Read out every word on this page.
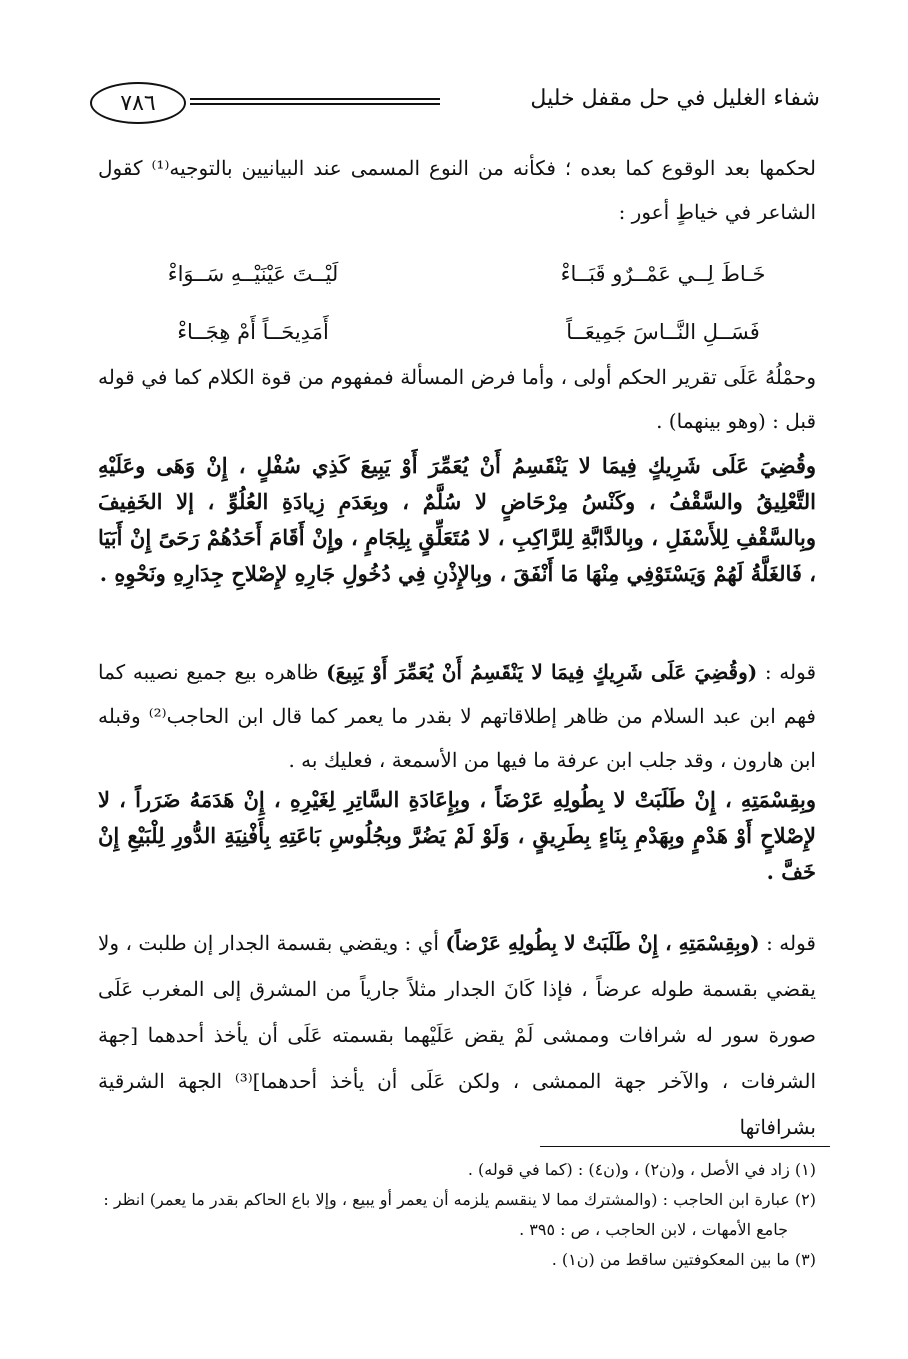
٧٨٦	شفاء الغليل في حل مقفل خليل

لحكمها بعد الوقوع كما بعده ؛ فكأنه من النوع المسمى عند البيانيين بالتوجيه⁽¹⁾ كقول الشاعر في خياطٍ أعور :

خَـاطَ لِــي عَمْــرٌو قَبَــاءْ
لَيْــتَ عَيْنَيْــهِ سَــوَاءْ
فَسَــلِ النَّــاسَ جَمِيعَــاً
أَمَدِيحَــاً أَمْ هِجَــاءْ

وحمْلُهُ عَلَى تقرير الحكم أولى ، وأما فرض المسألة فمفهوم من قوة الكلام كما في قوله قبل : (وهو بينهما) .

وقُضِيَ عَلَى شَرِيكٍ فِيمَا لا يَنْقَسِمُ أَنْ يُعَمِّرَ أَوْ يَبِيعَ كَذِي سُفْلٍ ، إِنْ وَهَى وعَلَيْهِ التَّعْلِيقُ والسَّقْفُ ، وكَنْسُ مِرْحَاضٍ لا سُلَّمٌ ، وبِعَدَمِ زِيادَةِ العُلُوِّ ، إلا الخَفِيفَ وبِالسَّقْفِ لِلأَسْفَلِ ، وبِالدَّابَّةِ لِلرَّاكِبِ ، لا مُتَعَلِّقٍ بِلِجَامٍ ، وإِنْ أَقَامَ أَحَدُهُمْ رَحَىً إِنْ أَبَيَا ، فَالغَلَّةُ لَهُمْ وَيَسْتَوْفِي مِنْهَا مَا أَنْفَقَ ، وبِالإِذْنِ فِي دُخُولِ جَارِهِ لإِصْلاحِ جِدَارِهِ ونَحْوِهِ .

قوله : (وقُضِيَ عَلَى شَرِيكٍ فِيمَا لا يَنْقَسِمُ أَنْ يُعَمِّرَ أَوْ يَبِيعَ) ظاهره بيع جميع نصيبه كما فهم ابن عبد السلام من ظاهر إطلاقاتهم لا بقدر ما يعمر كما قال ابن الحاجب⁽²⁾ وقبله ابن هارون ، وقد جلب ابن عرفة ما فيها من الأسمعة ، فعليك به .

وبِقِسْمَتِهِ ، إِنْ طَلَبَتْ لا بِطُولِهِ عَرْضَاً ، وبِإِعَادَةِ السَّاتِرِ لِغَيْرِهِ ، إِنْ هَدَمَهُ ضَرَراً ، لا لإِصْلاحٍ أَوْ هَدْمٍ وبِهَدْمِ بِنَاءٍ بِطَرِيقٍ ، وَلَوْ لَمْ يَضُرَّ وبِجُلُوسِ بَاعَتِهِ بِأَفْنِيَةِ الدُّورِ لِلْبَيْعِ إِنْ خَفَّ .

قوله : (وبِقِسْمَتِهِ ، إِنْ طَلَبَتْ لا بِطُولِهِ عَرْضاً) أي : ويقضي بقسمة الجدار إن طلبت ، ولا يقضي بقسمة طوله عرضاً ، فإذا كَانَ الجدار مثلاً جارياً من المشرق إلى المغرب عَلَى صورة سور له شرافات وممشى لَمْ يقض عَلَيْهما بقسمته عَلَى أن يأخذ أحدهما [جهة الشرفات ، والآخر جهة الممشى ، ولكن عَلَى أن يأخذ أحدهما]⁽³⁾ الجهة الشرقية بشرافاتها

(١) زاد في الأصل ، و(ن٢) ، و(ن٤) : (كما في قوله) .

(٢) عبارة ابن الحاجب : (والمشترك مما لا ينقسم يلزمه أن يعمر أو يبيع ، وإلا باع الحاكم بقدر ما يعمر) انظر :

جامع الأمهات ، لابن الحاجب ، ص : ٣٩٥ .

(٣) ما بين المعكوفتين ساقط من (ن١) .
